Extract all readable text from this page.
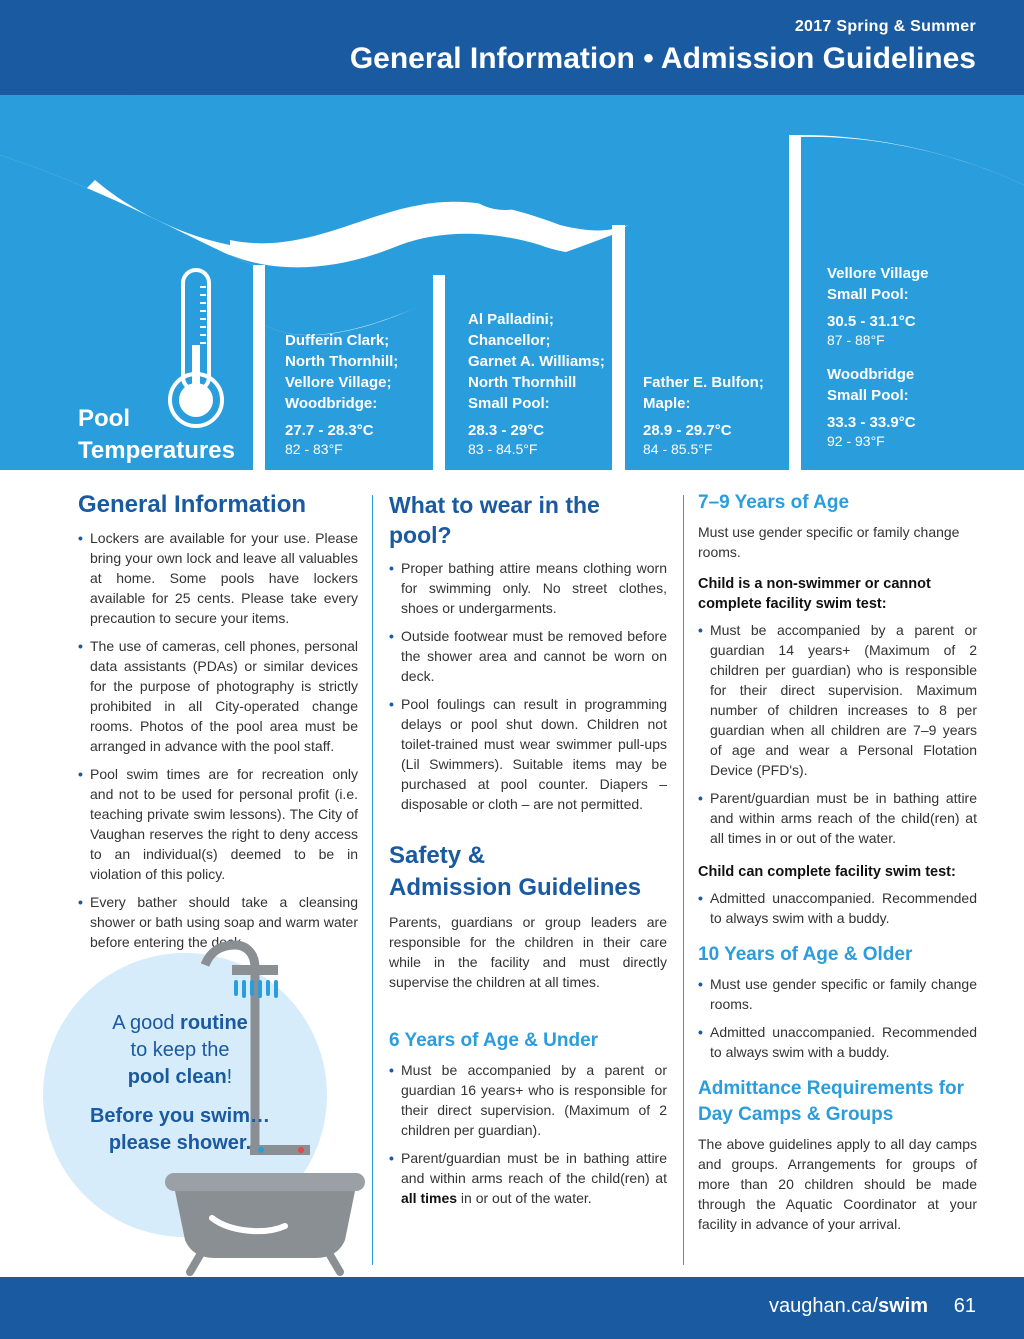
2017 Spring & Summer
General Information • Admission Guidelines
Pool
Temperatures
Dufferin Clark;
North Thornhill;
Vellore Village;
Woodbridge:
27.7 - 28.3°C
82 - 83°F
Al Palladini;
Chancellor;
Garnet A. Williams;
North Thornhill
Small Pool:
28.3 - 29°C
83 - 84.5°F
Father E. Bulfon;
Maple:
28.9 - 29.7°C
84 - 85.5°F
Vellore Village
Small Pool:
30.5 - 31.1°C
87 - 88°F
Woodbridge
Small Pool:
33.3 - 33.9°C
92 - 93°F
General Information
• Lockers are available for your use. Please bring your own lock and leave all valuables at home. Some pools have lockers available for 25 cents. Please take every precaution to secure your items.
• The use of cameras, cell phones, personal data assistants (PDAs) or similar devices for the purpose of photography is strictly prohibited in all City-operated change rooms. Photos of the pool area must be arranged in advance with the pool staff.
• Pool swim times are for recreation only and not to be used for personal profit (i.e. teaching private swim lessons). The City of Vaughan reserves the right to deny access to an individual(s) deemed to be in violation of this policy.
• Every bather should take a cleansing shower or bath using soap and warm water before entering the deck.
A good routine
to keep the
pool clean!
Before you swim…
please shower.
What to wear in the pool?
• Proper bathing attire means clothing worn for swimming only. No street clothes, shoes or undergarments.
• Outside footwear must be removed before the shower area and cannot be worn on deck.
• Pool foulings can result in programming delays or pool shut down. Children not toilet-trained must wear swimmer pull-ups (Lil Swimmers). Suitable items may be purchased at pool counter. Diapers – disposable or cloth – are not permitted.
Safety &
Admission Guidelines

Parents, guardians or group leaders are responsible for the children in their care while in the facility and must directly supervise the children at all times.

6 Years of Age & Under
• Must be accompanied by a parent or guardian 16 years+ who is responsible for their direct supervision. (Maximum of 2 children per guardian).
• Parent/guardian must be in bathing attire and within arms reach of the child(ren) at all times in or out of the water.
7–9 Years of Age

Must use gender specific or family change rooms.

Child is a non-swimmer or cannot complete facility swim test:
• Must be accompanied by a parent or guardian 14 years+ (Maximum of 2 children per guardian) who is responsible for their direct supervision. Maximum number of children increases to 8 per guardian when all children are 7–9 years of age and wear a Personal Flotation Device (PFD's).
• Parent/guardian must be in bathing attire and within arms reach of the child(ren) at all times in or out of the water.
Child can complete facility swim test:
• Admitted unaccompanied. Recommended to always swim with a buddy.
10 Years of Age & Older
• Must use gender specific or family change rooms.
• Admitted unaccompanied. Recommended to always swim with a buddy.
Admittance Requirements for
Day Camps & Groups

The above guidelines apply to all day camps and groups. Arrangements for groups of more than 20 children should be made through the Aquatic Coordinator at your facility in advance of your arrival.

vaughan.ca/swim 61
